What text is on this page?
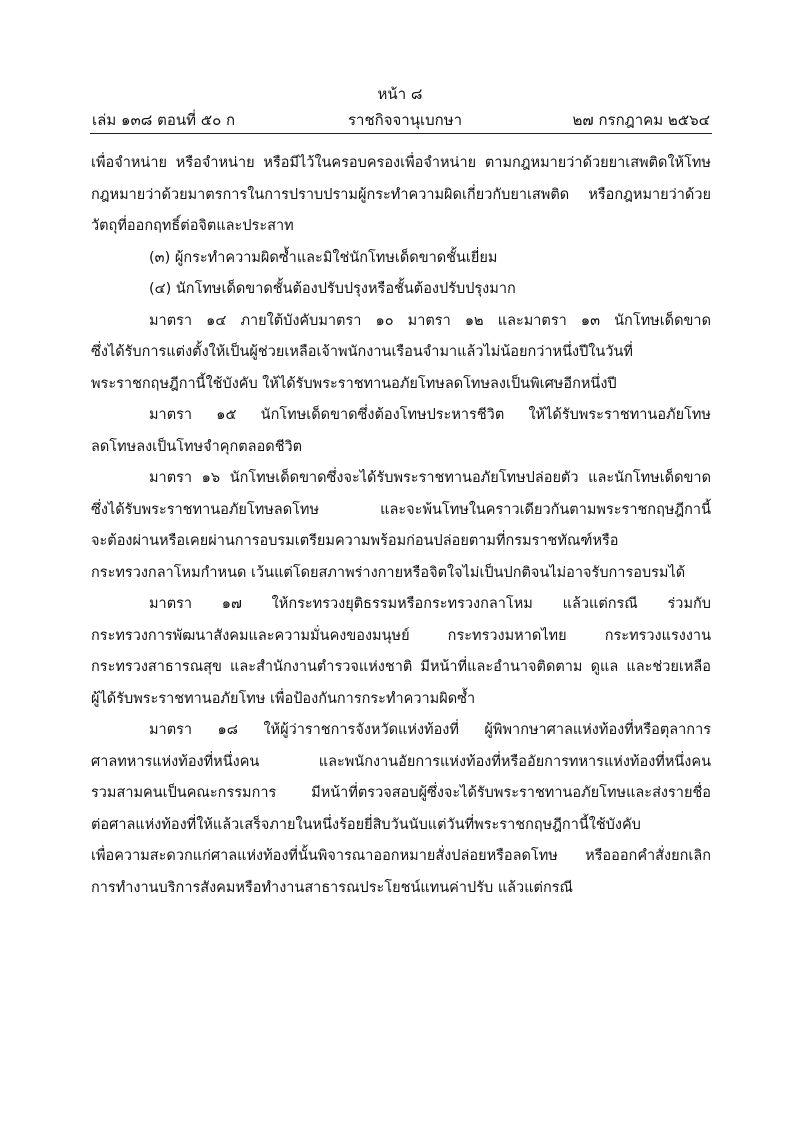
หน้า ๘
เล่ม ๑๓๘ ตอนที่ ๕๐ ก	ราชกิจจานุเบกษา	๒๗ กรกฎาคม ๒๕๖๔
เพื่อจำหน่าย หรือจำหน่าย หรือมีไว้ในครอบครองเพื่อจำหน่าย ตามกฎหมายว่าด้วยยาเสพติดให้โทษ
กฎหมายว่าด้วยมาตรการในการปราบปรามผู้กระทำความผิดเกี่ยวกับยาเสพติด หรือกฎหมายว่าด้วย
วัตถุที่ออกฤทธิ์ต่อจิตและประสาท
(๓) ผู้กระทำความผิดซ้ำและมิใช่นักโทษเด็ดขาดชั้นเยี่ยม
(๔) นักโทษเด็ดขาดชั้นต้องปรับปรุงหรือชั้นต้องปรับปรุงมาก
มาตรา ๑๔ ภายใต้บังคับมาตรา ๑๐ มาตรา ๑๒ และมาตรา ๑๓ นักโทษเด็ดขาด
ซึ่งได้รับการแต่งตั้งให้เป็นผู้ช่วยเหลือเจ้าพนักงานเรือนจำมาแล้วไม่น้อยกว่าหนึ่งปีในวันที่
พระราชกฤษฎีกานี้ใช้บังคับ ให้ได้รับพระราชทานอภัยโทษลดโทษลงเป็นพิเศษอีกหนึ่งปี
มาตรา ๑๕ นักโทษเด็ดขาดซึ่งต้องโทษประหารชีวิต ให้ได้รับพระราชทานอภัยโทษ
ลดโทษลงเป็นโทษจำคุกตลอดชีวิต
มาตรา ๑๖ นักโทษเด็ดขาดซึ่งจะได้รับพระราชทานอภัยโทษปล่อยตัว และนักโทษเด็ดขาด
ซึ่งได้รับพระราชทานอภัยโทษลดโทษ และจะพ้นโทษในคราวเดียวกันตามพระราชกฤษฎีกานี้
จะต้องผ่านหรือเคยผ่านการอบรมเตรียมความพร้อมก่อนปล่อยตามที่กรมราชทัณฑ์หรือ
กระทรวงกลาโหมกำหนด เว้นแต่โดยสภาพร่างกายหรือจิตใจไม่เป็นปกติจนไม่อาจรับการอบรมได้
มาตรา ๑๗ ให้กระทรวงยุติธรรมหรือกระทรวงกลาโหม แล้วแต่กรณี ร่วมกับ
กระทรวงการพัฒนาสังคมและความมั่นคงของมนุษย์ กระทรวงมหาดไทย กระทรวงแรงงาน
กระทรวงสาธารณสุข และสำนักงานตำรวจแห่งชาติ มีหน้าที่และอำนาจติดตาม ดูแล และช่วยเหลือ
ผู้ได้รับพระราชทานอภัยโทษ เพื่อป้องกันการกระทำความผิดซ้ำ
มาตรา ๑๘ ให้ผู้ว่าราชการจังหวัดแห่งท้องที่ ผู้พิพากษาศาลแห่งท้องที่หรือตุลาการ
ศาลทหารแห่งท้องที่หนึ่งคน และพนักงานอัยการแห่งท้องที่หรืออัยการทหารแห่งท้องที่หนึ่งคน
รวมสามคนเป็นคณะกรรมการ มีหน้าที่ตรวจสอบผู้ซึ่งจะได้รับพระราชทานอภัยโทษและส่งรายชื่อ
ต่อศาลแห่งท้องที่ให้แล้วเสร็จภายในหนึ่งร้อยยี่สิบวันนับแต่วันที่พระราชกฤษฎีกานี้ใช้บังคับ
เพื่อความสะดวกแก่ศาลแห่งท้องที่นั้นพิจารณาออกหมายสั่งปล่อยหรือลดโทษ หรือออกคำสั่งยกเลิก
การทำงานบริการสังคมหรือทำงานสาธารณประโยชน์แทนค่าปรับ แล้วแต่กรณี
